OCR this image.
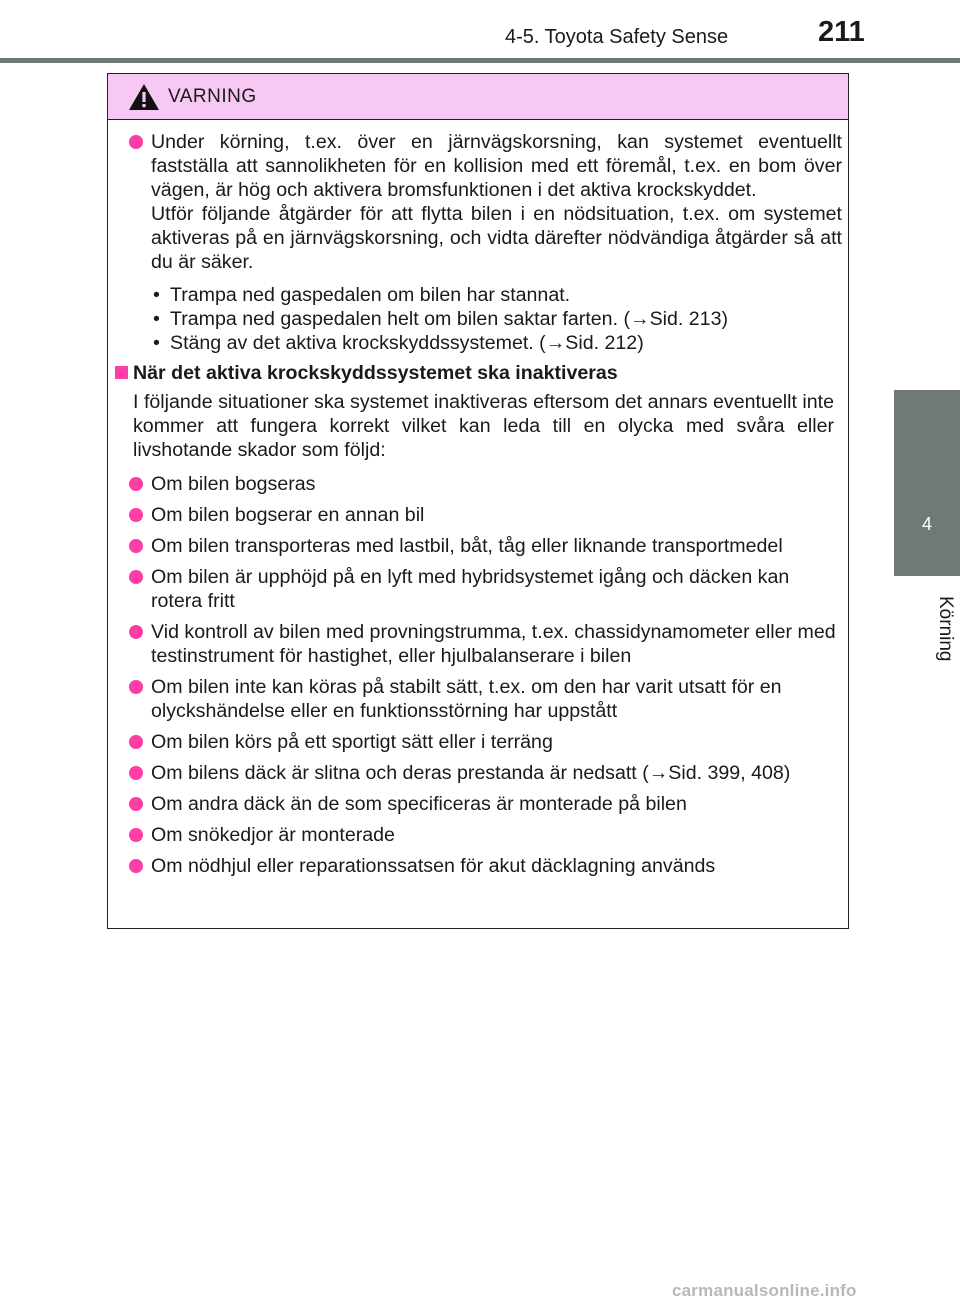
4-5. Toyota Safety Sense	211
4
Körning
VARNING
Under körning, t.ex. över en järnvägskorsning, kan systemet eventuellt fastställa att sannolikheten för en kollision med ett föremål, t.ex. en bom över vägen, är hög och aktivera bromsfunktionen i det aktiva krockskyddet.
Utför följande åtgärder för att flytta bilen i en nödsituation, t.ex. om systemet aktiveras på en järnvägskorsning, och vidta därefter nödvändiga åtgärder så att du är säker.
• Trampa ned gaspedalen om bilen har stannat.
• Trampa ned gaspedalen helt om bilen saktar farten. (→Sid. 213)
• Stäng av det aktiva krockskyddssystemet. (→Sid. 212)
När det aktiva krockskyddssystemet ska inaktiveras
I följande situationer ska systemet inaktiveras eftersom det annars eventuellt inte kommer att fungera korrekt vilket kan leda till en olycka med svåra eller livshotande skador som följd:
Om bilen bogseras
Om bilen bogserar en annan bil
Om bilen transporteras med lastbil, båt, tåg eller liknande transportmedel
Om bilen är upphöjd på en lyft med hybridsystemet igång och däcken kan rotera fritt
Vid kontroll av bilen med provningstrumma, t.ex. chassidynamometer eller med testinstrument för hastighet, eller hjulbalanserare i bilen
Om bilen inte kan köras på stabilt sätt, t.ex. om den har varit utsatt för en olyckshändelse eller en funktionsstörning har uppstått
Om bilen körs på ett sportigt sätt eller i terräng
Om bilens däck är slitna och deras prestanda är nedsatt (→Sid. 399, 408)
Om andra däck än de som specificeras är monterade på bilen
Om snökedjor är monterade
Om nödhjul eller reparationssatsen för akut däcklagning används
carmanualsonline.info
